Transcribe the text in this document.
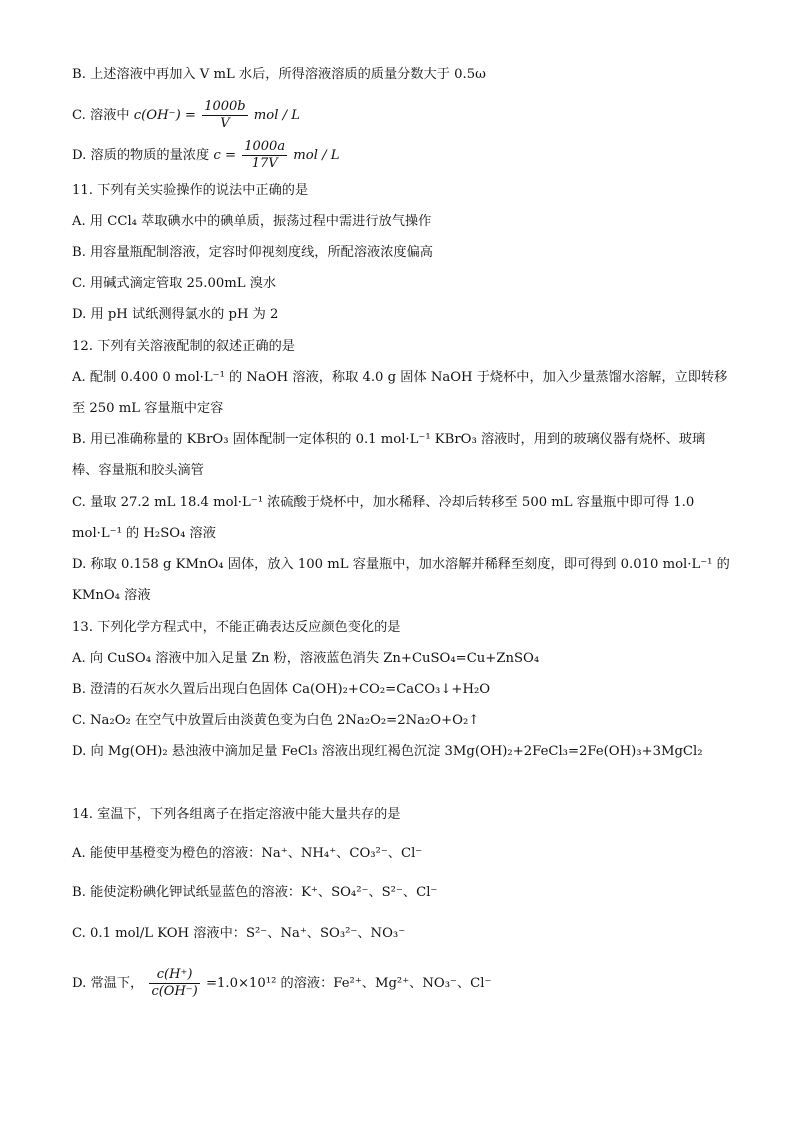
B. 上述溶液中再加入 V mL 水后，所得溶液溶质的质量分数大于 0.5ω
C. 溶液中 $c(OH^-) = \frac{1000b}{V}$ mol / L
D. 溶质的物质的量浓度 $c = \frac{1000a}{17V}$ mol / L
11. 下列有关实验操作的说法中正确的是
A. 用 CCl₄ 萃取碘水中的碘单质，振荡过程中需进行放气操作
B. 用容量瓶配制溶液，定容时仰视刻度线，所配溶液浓度偏高
C. 用碱式滴定管取 25.00mL 溴水
D. 用 pH 试纸测得氯水的 pH 为 2
12. 下列有关溶液配制的叙述正确的是
A. 配制 0.400 0 mol·L⁻¹ 的 NaOH 溶液，称取 4.0 g 固体 NaOH 于烧杯中，加入少量蒸馏水溶解，立即转移
至 250 mL 容量瓶中定容
B. 用已准确称量的 KBrO₃ 固体配制一定体积的 0.1 mol·L⁻¹ KBrO₃ 溶液时，用到的玻璃仪器有烧杯、玻璃
棒、容量瓶和胶头滴管
C. 量取 27.2 mL 18.4 mol·L⁻¹ 浓硫酸于烧杯中，加水稀释、冷却后转移至 500 mL 容量瓶中即可得 1.0
mol·L⁻¹ 的 H₂SO₄ 溶液
D. 称取 0.158 g KMnO₄ 固体，放入 100 mL 容量瓶中，加水溶解并稀释至刻度，即可得到 0.010 mol·L⁻¹ 的
KMnO₄ 溶液
13. 下列化学方程式中，不能正确表达反应颜色变化的是
A. 向 CuSO₄ 溶液中加入足量 Zn 粉，溶液蓝色消失 Zn+CuSO₄=Cu+ZnSO₄
B. 澄清的石灰水久置后出现白色固体 Ca(OH)₂+CO₂=CaCO₃↓+H₂O
C. Na₂O₂ 在空气中放置后由淡黄色变为白色 2Na₂O₂=2Na₂O+O₂↑
D. 向 Mg(OH)₂ 悬浊液中滴加足量 FeCl₃ 溶液出现红褐色沉淀 3Mg(OH)₂+2FeCl₃=2Fe(OH)₃+3MgCl₂
14. 室温下，下列各组离子在指定溶液中能大量共存的是
A. 能使甲基橙变为橙色的溶液：Na⁺、NH₄⁺、CO₃²⁻、Cl⁻
B. 能使淀粉碘化钾试纸显蓝色的溶液：K⁺、SO₄²⁻、S²⁻、Cl⁻
C. 0.1 mol/L KOH 溶液中：S²⁻、Na⁺、SO₃²⁻、NO₃⁻
D. 常温下， $\frac{c(H^+)}{c(OH^-)} =1.0\times 10^{12}$ 的溶液：Fe²⁺、Mg²⁺、NO₃⁻、Cl⁻
